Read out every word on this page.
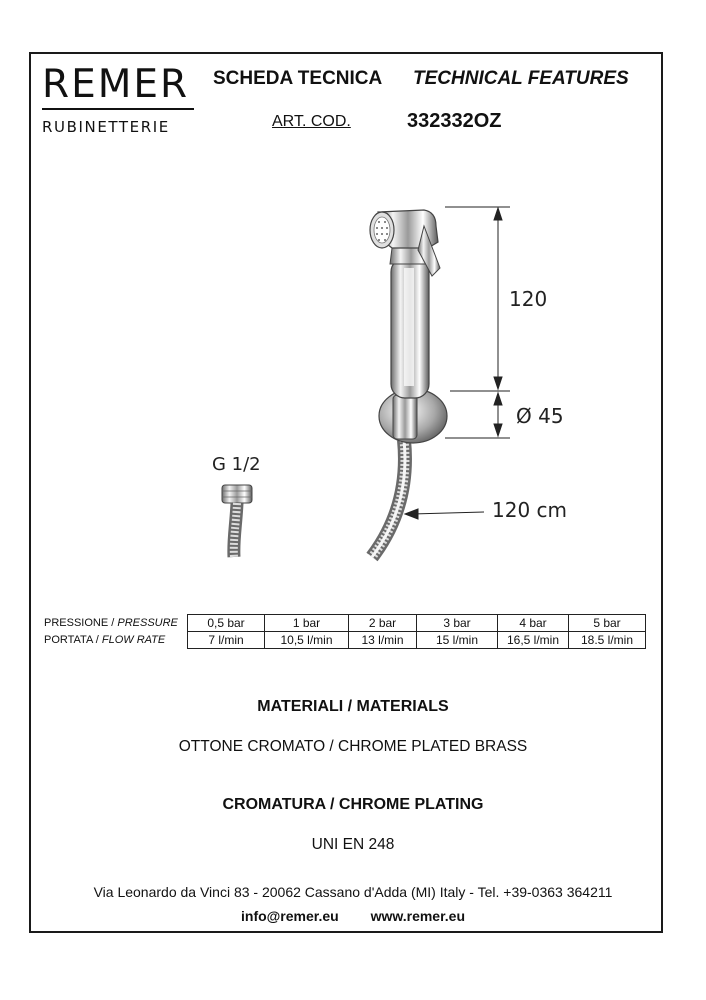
REMER
RUBINETTERIE
SCHEDA TECNICA TECHNICAL FEATURES
ART. COD.	332332OZ
G 1/2
120
Ø 45
120 cm
PRESSIONE / PRESSURE	0,5 bar	1 bar	2 bar	3 bar	4 bar	5 bar
PORTATA / FLOW RATE	7 l/min	10,5 l/min	13 l/min	15 l/min	16,5 l/min	18.5 l/min
MATERIALI / MATERIALS
OTTONE CROMATO / CHROME PLATED BRASS
CROMATURA / CHROME PLATING
UNI EN 248
Via Leonardo da Vinci 83 - 20062 Cassano d'Adda (MI) Italy - Tel. +39-0363 364211
info@remer.eu www.remer.eu
